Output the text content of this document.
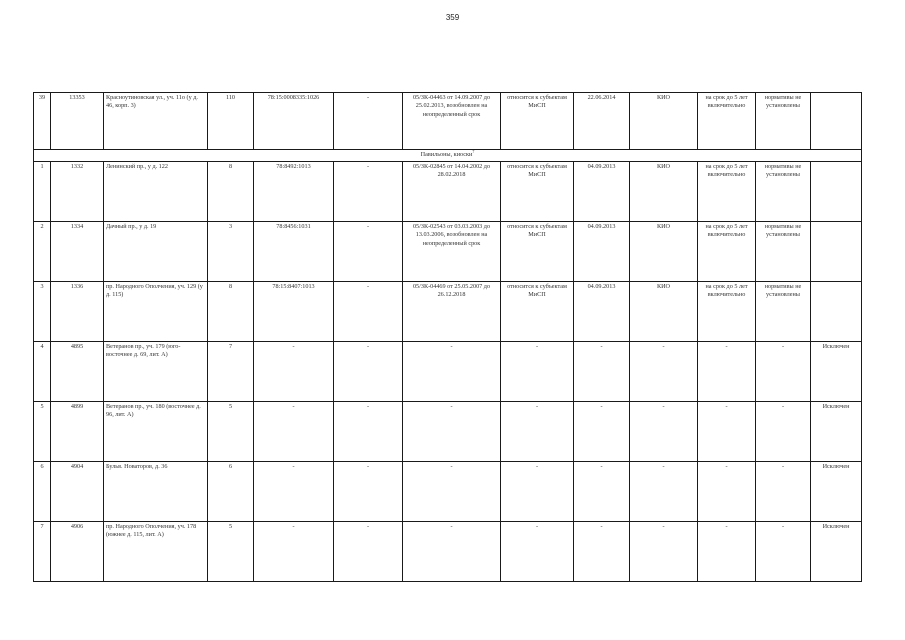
359
39	13353	Красноутиновская ул., уч. 11о (у д. 46, корп. 3)	110	78:15:0008335:1026	-	05/ЗК-04463 от 14.09.2007 до 25.02.2013, возобновлен на неопределенный срок	относится к субъектам МиСП	22.06.2014	КИО	на срок до 5 лет включительно	нормативы не установлены	
Павильоны, киоски$^7$
1	1332	Ленинский пр., у д. 122	8	78:8492:1013	-	05/ЗК-02845 от 14.04.2002 до 28.02.2018	относится к субъектам МиСП	04.09.2013	КИО	на срок до 5 лет включительно	нормативы не установлены	
2	1334	Дачный пр., у д. 19	3	78:8456:1031	-	05/ЗК-02543 от 03.03.2003 до 13.03.2006, возобновлен на неопределенный срок	относится к субъектам МиСП	04.09.2013	КИО	на срок до 5 лет включительно	нормативы не установлены	
3	1336	пр. Народного Ополчения, уч. 129 (у д. 115)	8	78:15:8407:1013	-	05/ЗК-04469 от 25.05.2007 до 26.12.2018	относится к субъектам МиСП	04.09.2013	КИО	на срок до 5 лет включительно	нормативы не установлены	
4	4895	Ветеранов пр., уч. 179 (юго-восточнее д. 69, лит. А)	7	-	-	-	-	-	-	-	-	Исключен
5	4899	Ветеранов пр., уч. 180 (восточнее д. 96, лит. А)	5	-	-	-	-	-	-	-	-	Исключен
6	4904	Бульв. Новаторов, д. 36	6	-	-	-	-	-	-	-	-	Исключен
7	4906	пр. Народного Ополчения, уч. 178 (южнее д. 115, лит. А)	5	-	-	-	-	-	-	-	-	Исключен
